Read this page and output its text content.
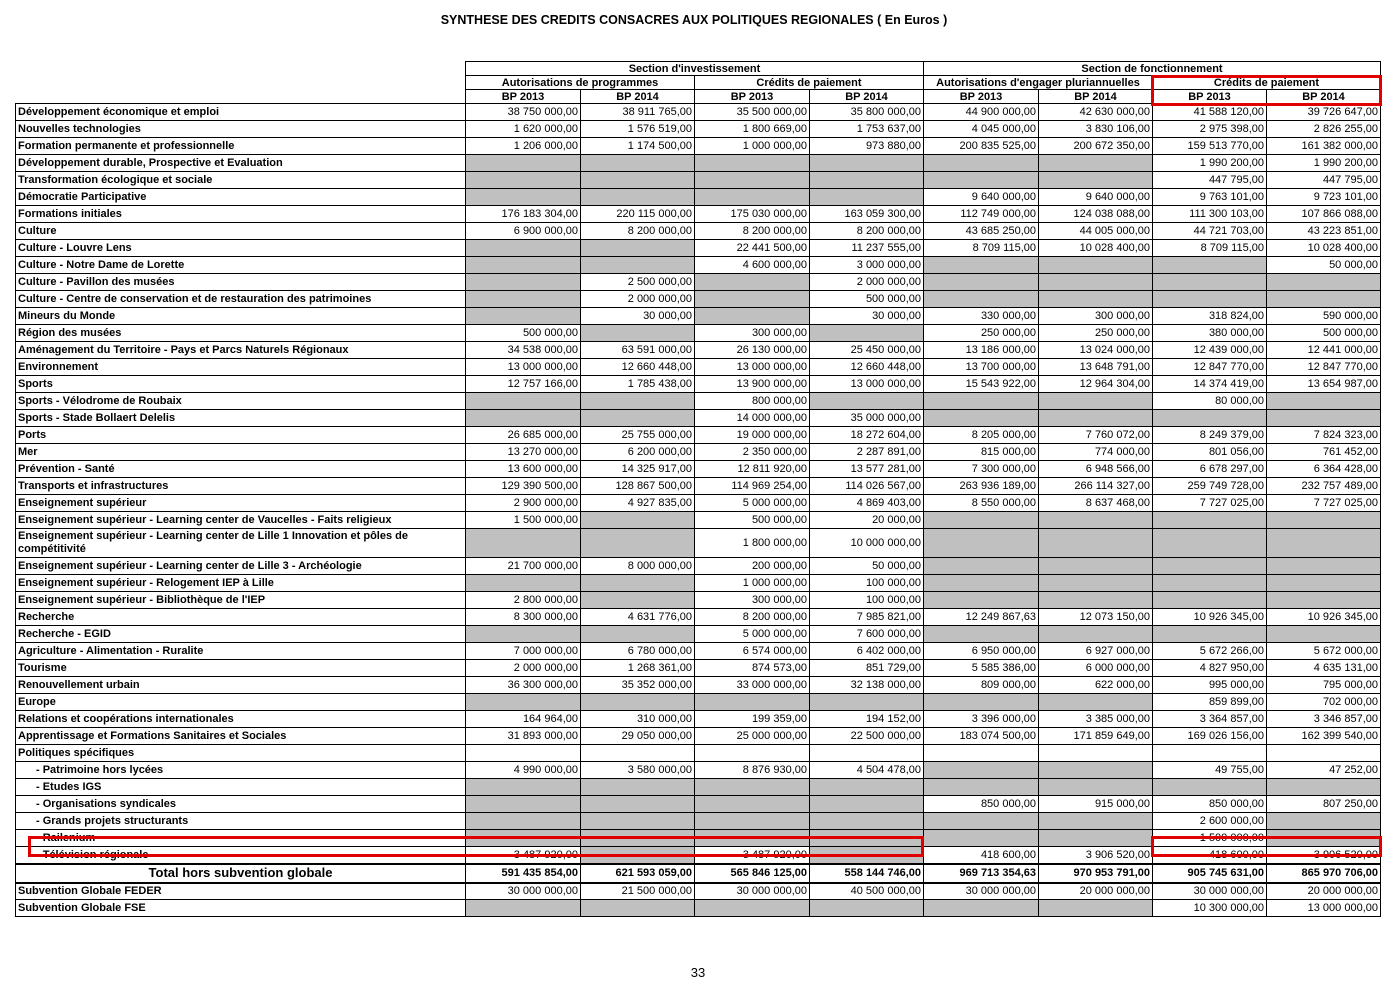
SYNTHESE DES CREDITS CONSACRES AUX POLITIQUES REGIONALES ( En Euros )
	Section d'investissement				Section de fonctionnement			
	Autorisations de programmes		Crédits de paiement		Autorisations d'engager pluriannuelles		Crédits de paiement	
	BP 2013	BP 2014	BP 2013	BP 2014	BP 2013	BP 2014	BP 2013	BP 2014
Développement économique et emploi	38 750 000,00	38 911 765,00	35 500 000,00	35 800 000,00	44 900 000,00	42 630 000,00	41 588 120,00	39 726 647,00
Nouvelles technologies	1 620 000,00	1 576 519,00	1 800 669,00	1 753 637,00	4 045 000,00	3 830 106,00	2 975 398,00	2 826 255,00
Formation permanente et professionnelle	1 206 000,00	1 174 500,00	1 000 000,00	973 880,00	200 835 525,00	200 672 350,00	159 513 770,00	161 382 000,00
Développement durable, Prospective et Evaluation							1 990 200,00	1 990 200,00
Transformation écologique et sociale							447 795,00	447 795,00
Démocratie Participative					9 640 000,00	9 640 000,00	9 763 101,00	9 723 101,00
Formations initiales	176 183 304,00	220 115 000,00	175 030 000,00	163 059 300,00	112 749 000,00	124 038 088,00	111 300 103,00	107 866 088,00
Culture	6 900 000,00	8 200 000,00	8 200 000,00	8 200 000,00	43 685 250,00	44 005 000,00	44 721 703,00	43 223 851,00
Culture - Louvre Lens			22 441 500,00	11 237 555,00	8 709 115,00	10 028 400,00	8 709 115,00	10 028 400,00
Culture - Notre Dame de Lorette			4 600 000,00	3 000 000,00				50 000,00
Culture - Pavillon des musées		2 500 000,00		2 000 000,00				
Culture - Centre de conservation et de restauration des patrimoines		2 000 000,00		500 000,00				
Mineurs du Monde		30 000,00		30 000,00	330 000,00	300 000,00	318 824,00	590 000,00
Région des musées	500 000,00		300 000,00		250 000,00	250 000,00	380 000,00	500 000,00
Aménagement du Territoire - Pays et Parcs Naturels Régionaux	34 538 000,00	63 591 000,00	26 130 000,00	25 450 000,00	13 186 000,00	13 024 000,00	12 439 000,00	12 441 000,00
Environnement	13 000 000,00	12 660 448,00	13 000 000,00	12 660 448,00	13 700 000,00	13 648 791,00	12 847 770,00	12 847 770,00
Sports	12 757 166,00	1 785 438,00	13 900 000,00	13 000 000,00	15 543 922,00	12 964 304,00	14 374 419,00	13 654 987,00
Sports - Vélodrome de Roubaix			800 000,00				80 000,00	
Sports - Stade Bollaert Delelis			14 000 000,00	35 000 000,00				
Ports	26 685 000,00	25 755 000,00	19 000 000,00	18 272 604,00	8 205 000,00	7 760 072,00	8 249 379,00	7 824 323,00
Mer	13 270 000,00	6 200 000,00	2 350 000,00	2 287 891,00	815 000,00	774 000,00	801 056,00	761 452,00
Prévention - Santé	13 600 000,00	14 325 917,00	12 811 920,00	13 577 281,00	7 300 000,00	6 948 566,00	6 678 297,00	6 364 428,00
Transports et infrastructures	129 390 500,00	128 867 500,00	114 969 254,00	114 026 567,00	263 936 189,00	266 114 327,00	259 749 728,00	232 757 489,00
Enseignement supérieur	2 900 000,00	4 927 835,00	5 000 000,00	4 869 403,00	8 550 000,00	8 637 468,00	7 727 025,00	7 727 025,00
Enseignement supérieur - Learning center de Vaucelles - Faits religieux	1 500 000,00		500 000,00	20 000,00				
Enseignement supérieur - Learning center de Lille 1 Innovation et pôles de compétitivité			1 800 000,00	10 000 000,00				
Enseignement supérieur - Learning center de Lille 3 - Archéologie	21 700 000,00	8 000 000,00	200 000,00	50 000,00				
Enseignement supérieur - Relogement IEP à Lille			1 000 000,00	100 000,00				
Enseignement supérieur - Bibliothèque de l'IEP	2 800 000,00		300 000,00	100 000,00				
Recherche	8 300 000,00	4 631 776,00	8 200 000,00	7 985 821,00	12 249 867,63	12 073 150,00	10 926 345,00	10 926 345,00
Recherche - EGID			5 000 000,00	7 600 000,00				
Agriculture - Alimentation - Ruralite	7 000 000,00	6 780 000,00	6 574 000,00	6 402 000,00	6 950 000,00	6 927 000,00	5 672 266,00	5 672 000,00
Tourisme	2 000 000,00	1 268 361,00	874 573,00	851 729,00	5 585 386,00	6 000 000,00	4 827 950,00	4 635 131,00
Renouvellement urbain	36 300 000,00	35 352 000,00	33 000 000,00	32 138 000,00	809 000,00	622 000,00	995 000,00	795 000,00
Europe							859 899,00	702 000,00
Relations et coopérations internationales	164 964,00	310 000,00	199 359,00	194 152,00	3 396 000,00	3 385 000,00	3 364 857,00	3 346 857,00
Apprentissage et Formations Sanitaires et Sociales	31 893 000,00	29 050 000,00	25 000 000,00	22 500 000,00	183 074 500,00	171 859 649,00	169 026 156,00	162 399 540,00
Politiques spécifiques								
- Patrimoine hors lycées	4 990 000,00	3 580 000,00	8 876 930,00	4 504 478,00			49 755,00	47 252,00
- Etudes IGS								
- Organisations syndicales					850 000,00	915 000,00	850 000,00	807 250,00
- Grands projets structurants							2 600 000,00	
- Railenium							1 500 000,00	
- Télévision régionale	3 487 920,00		3 487 920,00		418 600,00	3 906 520,00	418 600,00	3 906 520,00
Total hors subvention globale	591 435 854,00	621 593 059,00	565 846 125,00	558 144 746,00	969 713 354,63	970 953 791,00	905 745 631,00	865 970 706,00
Subvention Globale FEDER	30 000 000,00	21 500 000,00	30 000 000,00	40 500 000,00	30 000 000,00	20 000 000,00	30 000 000,00	20 000 000,00
Subvention Globale FSE							10 300 000,00	13 000 000,00
33
